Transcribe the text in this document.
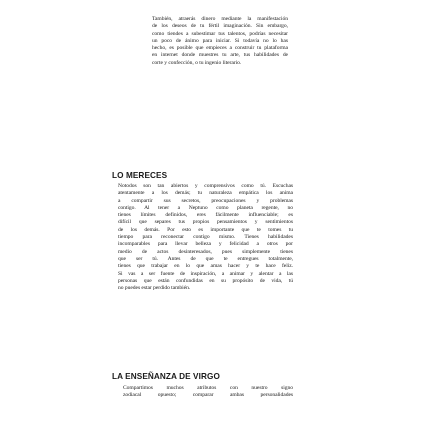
También, atraerás dinero mediante la manifestación
de los deseos de tu fértil imaginación. Sin embargo,
como tiendes a subestimar tus talentos, podrías necesitar
un poco de ánimo para iniciar. Si todavía no lo has
hecho, es posible que empieces a construir tu plataforma
en internet donde muestres tu arte, tus habilidades de
corte y confección, o tu ingenio literario.

LO MERECES

Notodos son tan abiertos y comprensivos como tú. Escuchas
atentamente a los demás; tu naturaleza empática los anima
a compartir sus secretos, preocupaciones y problemas
contigo. Al tener a Neptuno como planeta regente, no
tienes límites definidos, eres fácilmente influenciable; es
difícil que separes tus propios pensamientos y sentimientos
de los demás. Por esto es importante que te tomes tu
tiempo para reconectar contigo mismo. Tienes habilidades
incomparables para llevar belleza y felicidad a otros por
medio de actos desinteresados, pues simplemente tienes
que ser tú. Antes de que te entregues totalmente,
tienes que trabajar en lo que amas hacer y te hace feliz.
Si vas a ser fuente de inspiración, a animar y alentar a las
personas que están confundidas en su propósito de vida, tú
no puedes estar perdido también.

LA ENSEÑANZA DE VIRGO

Compartimos muchos atributos con nuestro signo
zodiacal opuesto; comparar ambas personalidades
